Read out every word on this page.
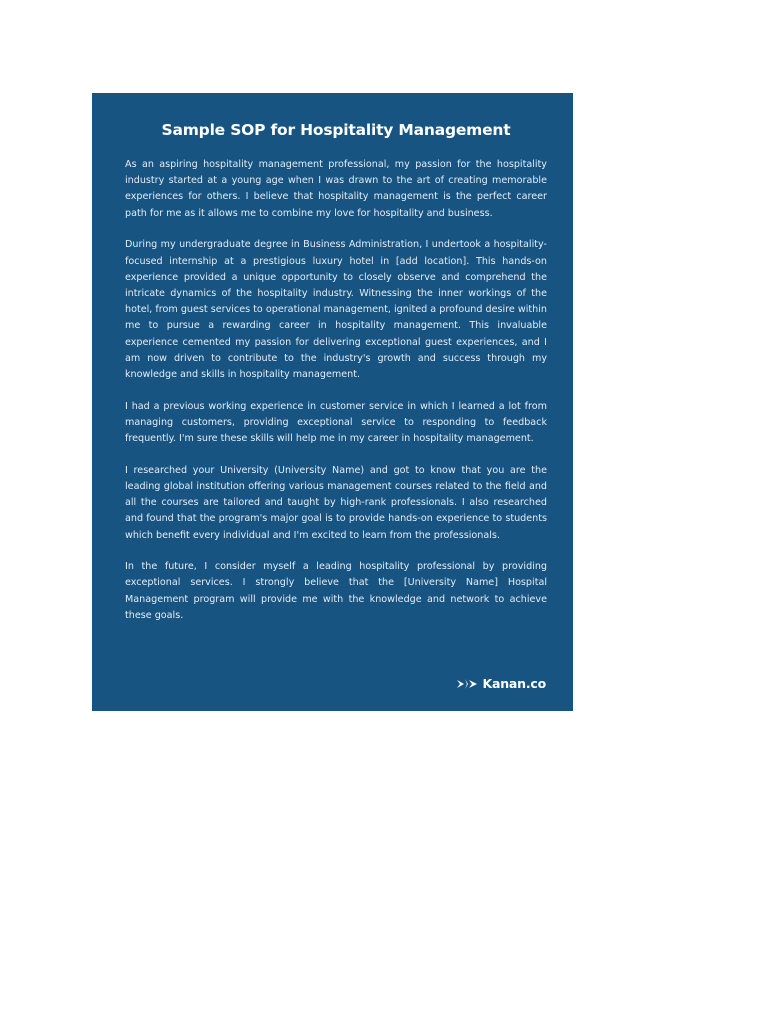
Sample SOP for Hospitality Management

As an aspiring hospitality management professional, my passion for the hospitality industry started at a young age when I was drawn to the art of creating memorable experiences for others. I believe that hospitality management is the perfect career path for me as it allows me to combine my love for hospitality and business.

During my undergraduate degree in Business Administration, I undertook a hospitality-focused internship at a prestigious luxury hotel in [add location]. This hands-on experience provided a unique opportunity to closely observe and comprehend the intricate dynamics of the hospitality industry. Witnessing the inner workings of the hotel, from guest services to operational management, ignited a profound desire within me to pursue a rewarding career in hospitality management. This invaluable experience cemented my passion for delivering exceptional guest experiences, and I am now driven to contribute to the industry's growth and success through my knowledge and skills in hospitality management.

I had a previous working experience in customer service in which I learned a lot from managing customers, providing exceptional service to responding to feedback frequently. I'm sure these skills will help me in my career in hospitality management.

I researched your University (University Name) and got to know that you are the leading global institution offering various management courses related to the field and all the courses are tailored and taught by high-rank professionals. I also researched and found that the program's major goal is to provide hands-on experience to students which benefit every individual and I'm excited to learn from the professionals.

In the future, I consider myself a leading hospitality professional by providing exceptional services. I strongly believe that the [University Name] Hospital Management program will provide me with the knowledge and network to achieve these goals.

Kanan.co
